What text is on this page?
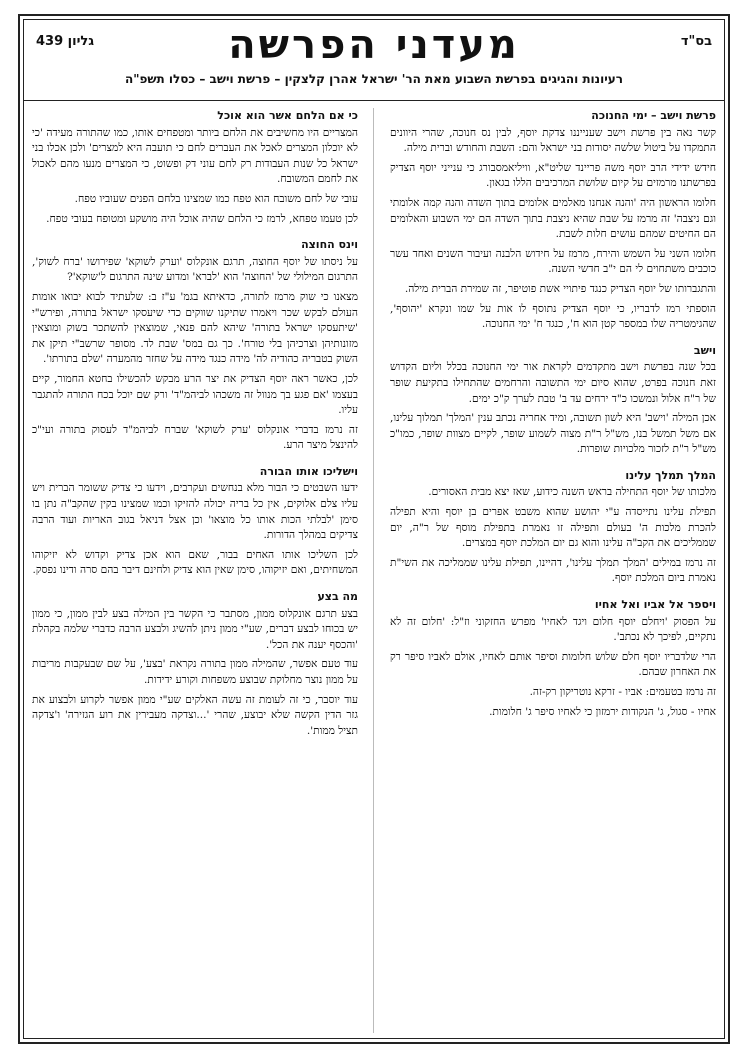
בס"ד
מעדני הפרשה
גליון 439
רעיונות והגיגים בפרשת השבוע מאת הר' ישראל אהרן קלצקין – פרשת וישב – כסלו תשפ"ה
פרשת וישב – ימי החנוכה

קשר נאה בין פרשת וישב שענייננו צדקת יוסף, לבין נס חנוכה, שהרי היוונים התמקדו על ביטול שלשה יסודות בני ישראל והם: השבת והחודש וברית מילה.

חידש ידידי הרב יוסף משה פריינד שליט"א, וויליאמסבורג כי ענייני יוסף הצדיק בפרשתנו מרמזים על קיום שלושת המרכיבים הללו בגאון.

חלומו הראשון היה 'והנה אנחנו מאלמים אלומים בתוך השדה והנה קמה אלומתי וגם ניצבה' זה מרמז על שבת שהיא ניצבת בתוך השדה הם ימי השבוע והאלומים הם החיטים שמהם עושים חלות לשבת.

חלומו השני על השמש והירח, מרמז על חידוש הלבנה ועיבור השנים ואחד עשר כוכבים משתחוים לי הם י"ב חדשי השנה.

והתגברותו של יוסף הצדיק כנגד פיתויי אשת פוטיפר, זה שמירת הברית מילה.

הוספתי רמז לדבריו, כי יוסף הצדיק נתוסף לו אות על שמו ונקרא 'יהוסף', שהגימטריה שלו במספר קטן הוא ח', כנגד ח' ימי החנוכה.

וישב

בכל שנה בפרשת וישב מתקדמים לקראת אור ימי החנוכה בכלל וליום הקדוש זאת חנוכה בפרט, שהוא סיום ימי התשובה והרחמים שהתחילו בתקיעת שופר של ר"ח אלול ונמשכו כ"ד ירחים עד ב' טבת לערך ק"כ ימים.

אכן המילה 'וישב' היא לשון תשובה, ומיד אחריה נכתב ענין 'המלך' תמלוך עלינו, אם משל תמשל בנו, מש"ל ר"ת מצוה לשמוע שופר, לקיים מצוות שופר, כמו"כ מש"ל ר"ת לזכור מלכויות שופרות.

המלך תמלך עלינו

מלכותו של יוסף התחילה בראש השנה כידוע, שאז יצא מבית האסורים.

תפילת עלינו נתייסדה ע"י יהושע שהוא משבט אפרים בן יוסף והיא תפילה להכרת מלכות ה' בעולם ותפילה זו נאמרת בתפילת מוסף של ר"ה, יום שממליכים את הקב"ה עלינו והוא גם יום המלכת יוסף במצרים.

זה נרמז במילים 'המלך תמלך עלינו', דהיינו, תפילת עלינו שממליכה את השי"ת נאמרת ביום המלכת יוסף.

ויספר אל אביו ואל אחיו

על הפסוק 'ויחלם יוסף חלום ויגד לאחיו' מפרש החזקוני וז"ל: 'חלום זה לא נתקיים, לפיכך לא נכתב'.

הרי שלדבריו יוסף חלם שלוש חלומות וסיפר אותם לאחיו, אולם לאביו סיפר רק את האחרון שבהם.

זה נרמז בטעמים: אביו - זרקא נוטריקון רק-זה.

אחיו - סגול, ג' הנקודות ירמזון כי לאחיו סיפר ג' חלומות.

כי אם הלחם אשר הוא אוכל

המצריים היו מחשיבים את הלחם ביותר ומטפחים אותו, כמו שהתורה מעידה 'כי לא יוכלון המצרים לאכל את העברים לחם כי תועבה היא למצרים' ולכן אכלו בני ישראל כל שנות העבודות רק לחם עוני דק ופשוט, כי המצרים מנעו מהם לאכול את לחמם המשובח.

עובי של לחם משובח הוא טפח כמו שמצינו בלחם הפנים שעוביו טפח.

לכן טעמו טפחא, לרמז כי הלחם שהיה אוכל היה מושקע ומטופח בעובי טפח.

וינס החוצה

על ניסתו של יוסף החוצה, תרגם אונקלוס 'וערק לשוקא' שפירושו 'ברח לשוק', התרגום המילולי של 'החוצה' הוא 'לברא' ומדוע שינה התרגום ל'שוקא'?

מצאנו כי שוק מרמז לתורה, כדאיתא בגמ' ע"ז ב: שלעתיד לבוא יבואו אומות העולם לבקש שכר ויאמרו שתיקנו שווקים כדי שיעסקו ישראל בתורה, ופירש"י 'שיתעסקו ישראל בתורה' שיהא להם פנאי, שמוצאין להשתכר בשוק ומוצאין מזונותיהן וצרכיהן בלי טורח'. כך גם במס' שבת לד. מסופר שרשב"י תיקן את השוק בטבריה כהודיה לה' מידה כנגד מידה על שחזר מהמערה 'שלם בתורתו'.

לכן, כאשר ראה יוסף הצדיק את יצר הרע מבקש להכשילו בחטא החמור, קיים בעצמו 'אם פגע בך מנוול זה משכהו לביהמ"ד' ורק שם יוכל בכח התורה להתגבר עליו.

זה נרמז בדברי אונקלוס 'ערק לשוקא' שברח לביהמ"ד לעסוק בתורה ועי"כ להינצל מיצר הרע.

וישליכו אותו הבורה

ידעו השבטים כי הבור מלא בנחשים ועקרבים, וידעו כי צדיק ששומר הברית ויש עליו צלם אלוקים, אין כל בריה יכולה להזיקו וכמו שמצינו בקין שהקב"ה נתן בו סימן 'לבלתי הכות אותו כל מוצאו' וכן אצל דניאל בגוב האריות ועוד הרבה צדיקים במהלך הדורות.

לכן השליכו אותו האחים בבור, שאם הוא אכן צדיק וקדוש לא יזיקוהו המשחיתים, ואם יזיקוהו, סימן שאין הוא צדיק ולחינם דיבר בהם סרה ודינו נפסק.

מה בצע

בצע תרגם אונקלוס ממון, מסתבר כי הקשר בין המילה בצע לבין ממון, כי ממון יש בכוחו לבצע דברים, שע"י ממון ניתן להשיג ולבצע הרבה כדברי שלמה בקהלת 'והכסף יענה את הכל'.

עוד טעם אפשר, שהמילה ממון בתורה נקראת 'בצע', על שם שבעקבות מריבות על ממון נוצר מחלוקת שבוצע משפחות וקורע ידידות.

עוד יוסבר, כי זה לעומת זה עשה האלקים שע"י ממון אפשר לקרוע ולבצוע את גזר הדין הקשה שלא יבוצע, שהרי '...וצדקה מעבירין את רוע הגזירה' ו'צדקה תציל ממות'.
